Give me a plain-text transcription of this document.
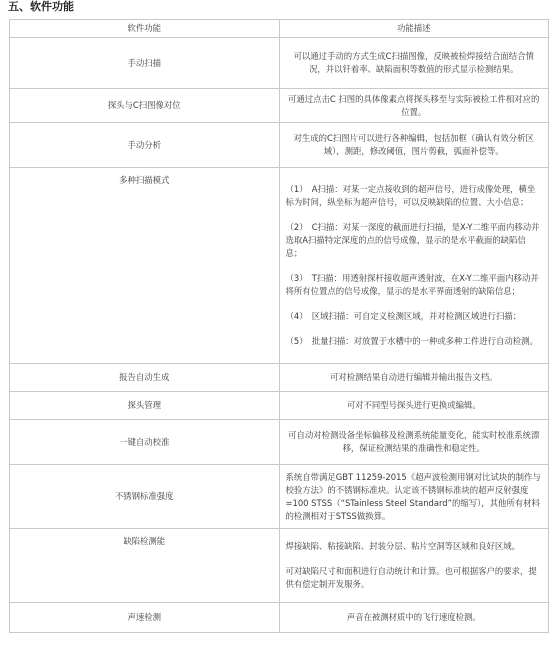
五、软件功能
软件功能	功能描述
手动扫描	可以通过手动的方式生成C扫描图像，反映被检焊接结合面结合情况，并以钎着率、缺陷面积等数值的形式显示检测结果。
探头与C扫图像对位	可通过点击C 扫图的具体像素点将探头移至与实际被检工件相对应的位置。
手动分析	对生成的C扫图片可以进行各种编辑，包括加框（确认有效分析区域），测距，修改阈值，图片剪截，弧面补偿等。
多种扫描模式	（1）　A扫描：对某一定点接收到的超声信号，进行成像处理，横坐标为时间，纵坐标为超声信号，可以反映缺陷的位置、大小信息；
（2）　C扫描：对某一深度的截面进行扫描，是X-Y二维平面内移动并选取A扫描特定深度的点的信号成像，显示的是水平截面的缺陷信息；
（3）　T扫描：用透射探杆接收超声透射波，在X-Y二维平面内移动并将所有位置点的信号成像，显示的是水平界面透射的缺陷信息；
（4）　区域扫描：可自定义检测区域，并对检测区域进行扫描；
（5）　批量扫描：对放置于水槽中的一种或多种工件进行自动检测。

报告自动生成	可对检测结果自动进行编辑并输出报告文档。
探头管理	可对不同型号探头进行更换或编辑。
一键自动校准	可自动对检测设备坐标偏移及检测系统能量变化，能实时校准系统漂移，保证检测结果的准确性和稳定性。
不锈钢标准强度	系统自带满足GBT 11259-2015《超声波检测用钢对比试块的制作与校验方法》的不锈钢标准块。认定该不锈钢标准块的超声反射强度=100 STSS（“STainless Steel Standard”的缩写），其他所有材料的检测相对于STSS做换算。
缺陷检测能	焊接缺陷、粘接缺陷、封装分层、粘片空洞等区域和良好区域。
可对缺陷尺寸和面积进行自动统计和计算。也可根据客户的要求，提供有偿定制开发服务。

声速检测	声音在被测材质中的飞行速度检测。
